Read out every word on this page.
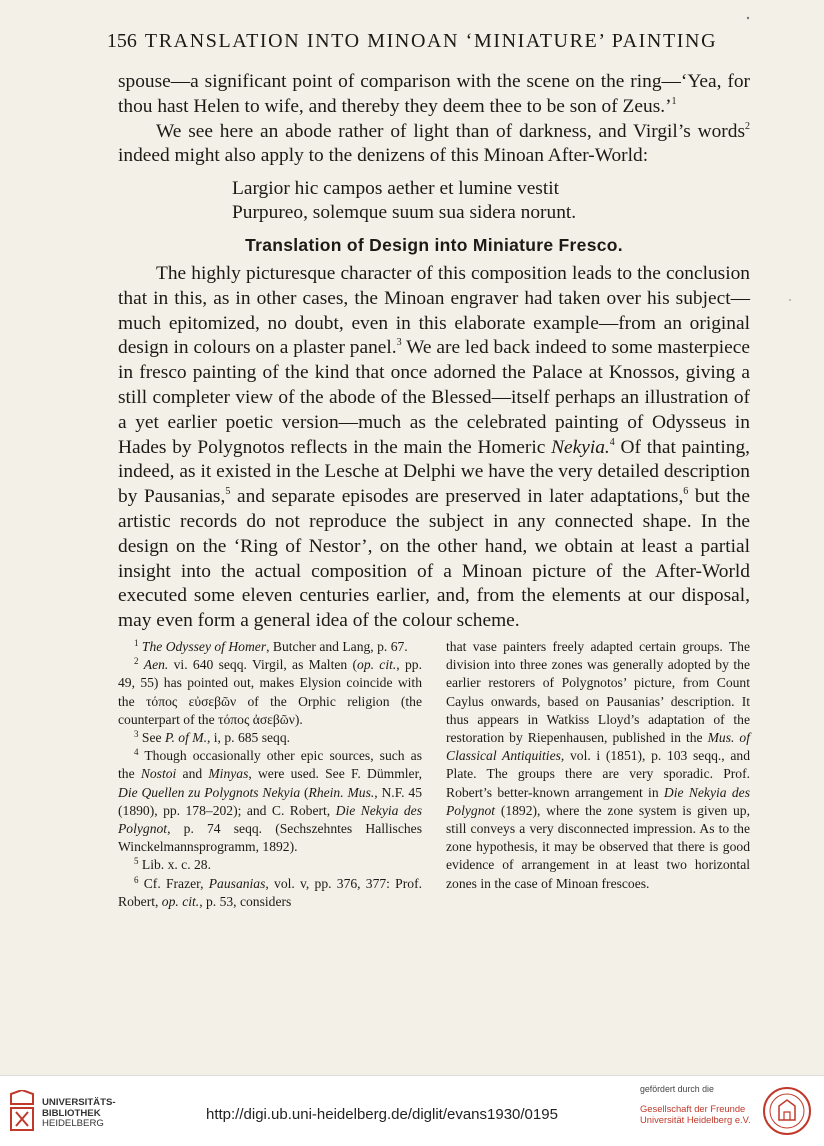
156 TRANSLATION INTO MINOAN ‘MINIATURE’ PAINTING

spouse—a significant point of comparison with the scene on the ring—‘Yea, for thou hast Helen to wife, and thereby they deem thee to be son of Zeus.’$^1$

We see here an abode rather of light than of darkness, and Virgil’s words$^2$ indeed might also apply to the denizens of this Minoan After-World:

Largior hic campos aether et lumine vestit
Purpureo, solemque suum sua sidera norunt.
Translation of Design into Miniature Fresco.

The highly picturesque character of this composition leads to the conclusion that in this, as in other cases, the Minoan engraver had taken over his subject—much epitomized, no doubt, even in this elaborate example—from an original design in colours on a plaster panel.$^3$ We are led back indeed to some masterpiece in fresco painting of the kind that once adorned the Palace at Knossos, giving a still completer view of the abode of the Blessed—itself perhaps an illustration of a yet earlier poetic version—much as the celebrated painting of Odysseus in Hades by Polygnotos reflects in the main the Homeric Nekyia.$^4$ Of that painting, indeed, as it existed in the Lesche at Delphi we have the very detailed description by Pausanias,$^5$ and separate episodes are preserved in later adaptations,$^6$ but the artistic records do not reproduce the subject in any connected shape. In the design on the ‘Ring of Nestor’, on the other hand, we obtain at least a partial insight into the actual composition of a Minoan picture of the After-World executed some eleven centuries earlier, and, from the elements at our disposal, may even form a general idea of the colour scheme.

$^1$ The Odyssey of Homer, Butcher and Lang, p. 67.

$^2$ Aen. vi. 640 seqq. Virgil, as Malten (op. cit., pp. 49, 55) has pointed out, makes Elysion coincide with the τόπος εὐσεβῶν of the Orphic religion (the counterpart of the τόπος ἀσεβῶν).

$^3$ See P. of M., i, p. 685 seqq.

$^4$ Though occasionally other epic sources, such as the Nostoi and Minyas, were used. See F. Dümmler, Die Quellen zu Polygnots Nekyia (Rhein. Mus., N.F. 45 (1890), pp. 178–202); and C. Robert, Die Nekyia des Polygnot, p. 74 seqq. (Sechszehntes Hallisches Winckelmannsprogramm, 1892).

$^5$ Lib. x. c. 28.

$^6$ Cf. Frazer, Pausanias, vol. v, pp. 376, 377: Prof. Robert, op. cit., p. 53, considers

that vase painters freely adapted certain groups. The division into three zones was generally adopted by the earlier restorers of Polygnotos’ picture, from Count Caylus onwards, based on Pausanias’ description. It thus appears in Watkiss Lloyd’s adaptation of the restoration by Riepenhausen, published in the Mus. of Classical Antiquities, vol. i (1851), p. 103 seqq., and Plate. The groups there are very sporadic. Prof. Robert’s better-known arrangement in Die Nekyia des Polygnot (1892), where the zone system is given up, still conveys a very disconnected impression. As to the zone hypothesis, it may be observed that there is good evidence of arrangement in at least two horizontal zones in the case of Minoan frescoes.

UNIVERSITÄTS-
BIBLIOTHEK
HEIDELBERG
http://digi.ub.uni-heidelberg.de/diglit/evans1930/0195
gefördert durch die
Gesellschaft der Freunde
Universität Heidelberg e.V.
